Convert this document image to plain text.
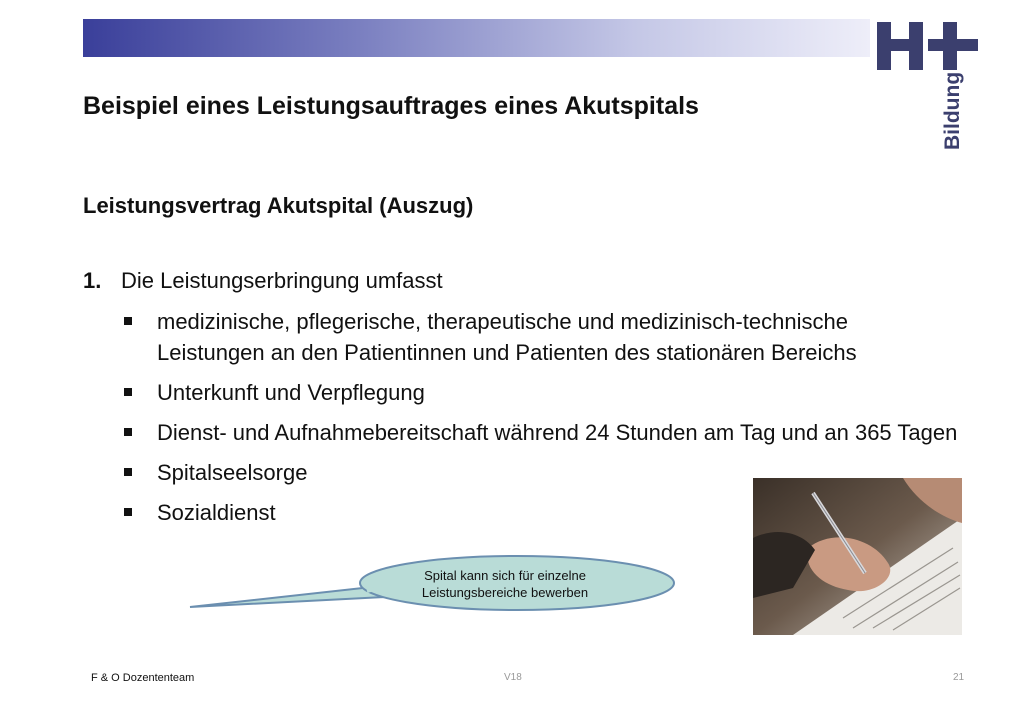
Bildung
Beispiel eines Leistungsauftrages eines Akutspitals
Leistungsvertrag Akutspital (Auszug)
1. Die Leistungserbringung umfasst
medizinische, pflegerische, therapeutische und medizinisch-technische Leistungen an den Patientinnen und Patienten des stationären Bereichs
Unterkunft und Verpflegung
Dienst- und Aufnahmebereitschaft während 24 Stunden am Tag und an 365 Tagen
Spitalseelsorge
Sozialdienst
Spital kann sich für einzelne
Leistungsbereiche bewerben
F & O Dozententeam	V18	21
